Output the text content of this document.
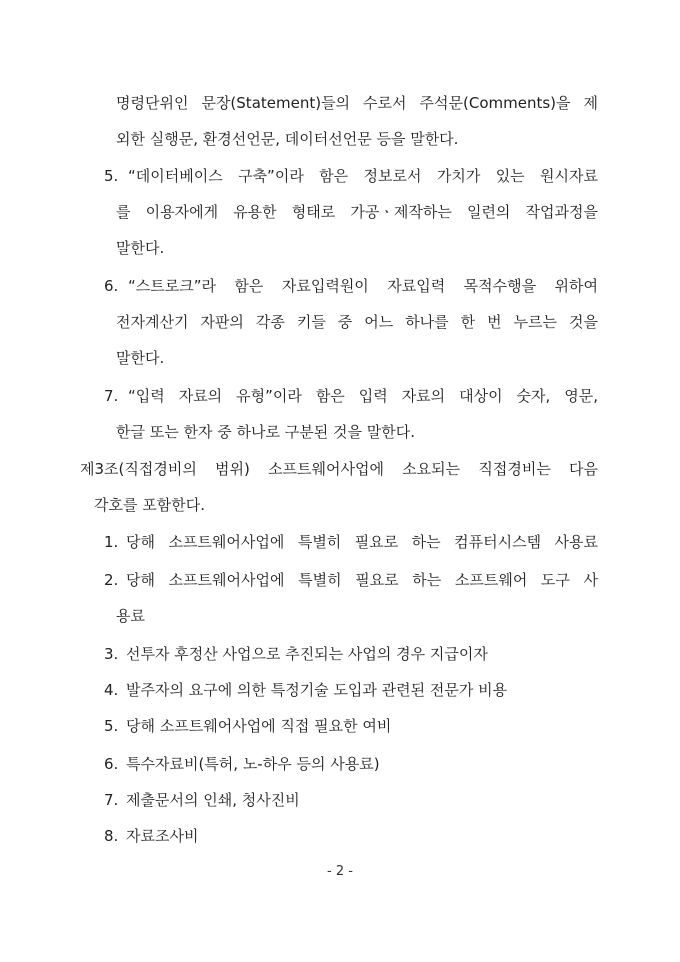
명령단위인 문장(Statement)들의 수로서 주석문(Comments)을 제
외한 실행문, 환경선언문, 데이터선언문 등을 말한다.
5. “데이터베이스 구축”이라 함은 정보로서 가치가 있는 원시자료
를 이용자에게 유용한 형태로 가공ㆍ제작하는 일련의 작업과정을
말한다.
6. “스트로크”라 함은 자료입력원이 자료입력 목적수행을 위하여
전자계산기 자판의 각종 키들 중 어느 하나를 한 번 누르는 것을
말한다.
7. “입력 자료의 유형”이라 함은 입력 자료의 대상이 숫자, 영문,
한글 또는 한자 중 하나로 구분된 것을 말한다.
제3조(직접경비의 범위) 소프트웨어사업에 소요되는 직접경비는 다음
각호를 포함한다.
1. 당해 소프트웨어사업에 특별히 필요로 하는 컴퓨터시스템 사용료
2. 당해 소프트웨어사업에 특별히 필요로 하는 소프트웨어 도구 사
용료
3. 선투자 후정산 사업으로 추진되는 사업의 경우 지급이자
4. 발주자의 요구에 의한 특정기술 도입과 관련된 전문가 비용
5. 당해 소프트웨어사업에 직접 필요한 여비
6. 특수자료비(특허, 노-하우 등의 사용료)
7. 제출문서의 인쇄, 청사진비
8. 자료조사비
- 2 -
